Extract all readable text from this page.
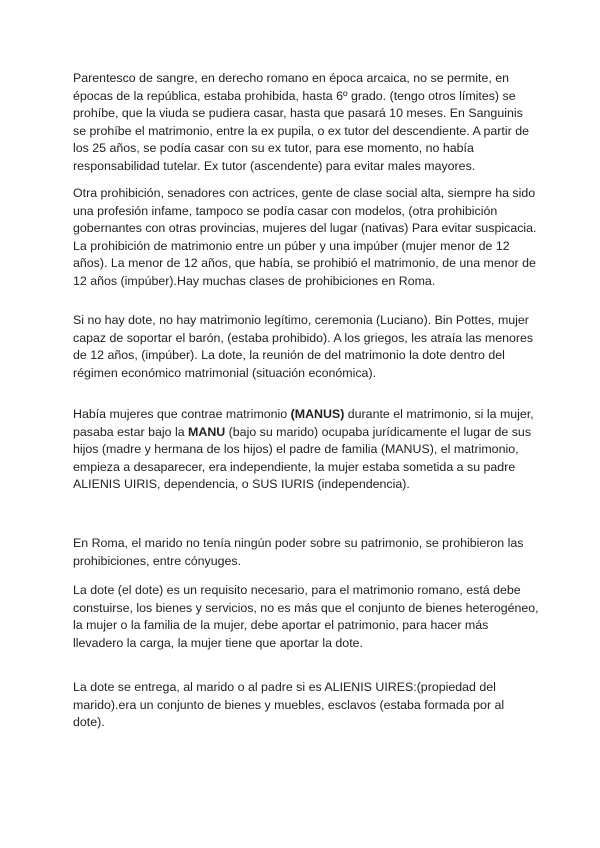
Parentesco de sangre, en derecho romano en época arcaica, no se permite, en
épocas de la república, estaba prohibida, hasta 6º grado. (tengo otros límites) se
prohíbe, que la viuda se pudiera casar, hasta que pasará 10 meses. En Sanguinis
se prohíbe el matrimonio, entre la ex pupila, o ex tutor del descendiente. A partir de
los 25 años, se podía casar con su ex tutor, para ese momento, no había
responsabilidad tutelar. Ex tutor (ascendente) para evitar males mayores.

Otra prohibición, senadores con actrices, gente de clase social alta, siempre ha sido
una profesión infame, tampoco se podía casar con modelos, (otra prohibición
gobernantes con otras provincias, mujeres del lugar (nativas) Para evitar suspicacia.
La prohibición de matrimonio entre un púber y una impúber (mujer menor de 12
años). La menor de 12 años, que había, se prohibió el matrimonio, de una menor de
12 años (impúber).Hay muchas clases de prohibiciones en Roma.

Si no hay dote, no hay matrimonio legítimo, ceremonia (Luciano). Bin Pottes, mujer
capaz de soportar el barón, (estaba prohibido). A los griegos, les atraía las menores
de 12 años, (impúber). La dote, la reunión de del matrimonio la dote dentro del
régimen económico matrimonial (situación económica).

Había mujeres que contrae matrimonio (MANUS) durante el matrimonio, si la mujer,
pasaba estar bajo la MANU (bajo su marido) ocupaba jurídicamente el lugar de sus
hijos (madre y hermana de los hijos) el padre de familia (MANUS), el matrimonio,
empieza a desaparecer, era independiente, la mujer estaba sometida a su padre
ALIENIS UIRIS, dependencia, o SUS IURIS (independencia).

En Roma, el marido no tenía ningún poder sobre su patrimonio, se prohibieron las
prohibiciones, entre cónyuges.

La dote (el dote) es un requisito necesario, para el matrimonio romano, está debe
constuirse, los bienes y servicios, no es más que el conjunto de bienes heterogéneo,
la mujer o la familia de la mujer, debe aportar el patrimonio, para hacer más
llevadero la carga, la mujer tiene que aportar la dote.

La dote se entrega, al marido o al padre si es ALIENIS UIRES:(propiedad del
marido).era un conjunto de bienes y muebles, esclavos (estaba formada por al
dote).
